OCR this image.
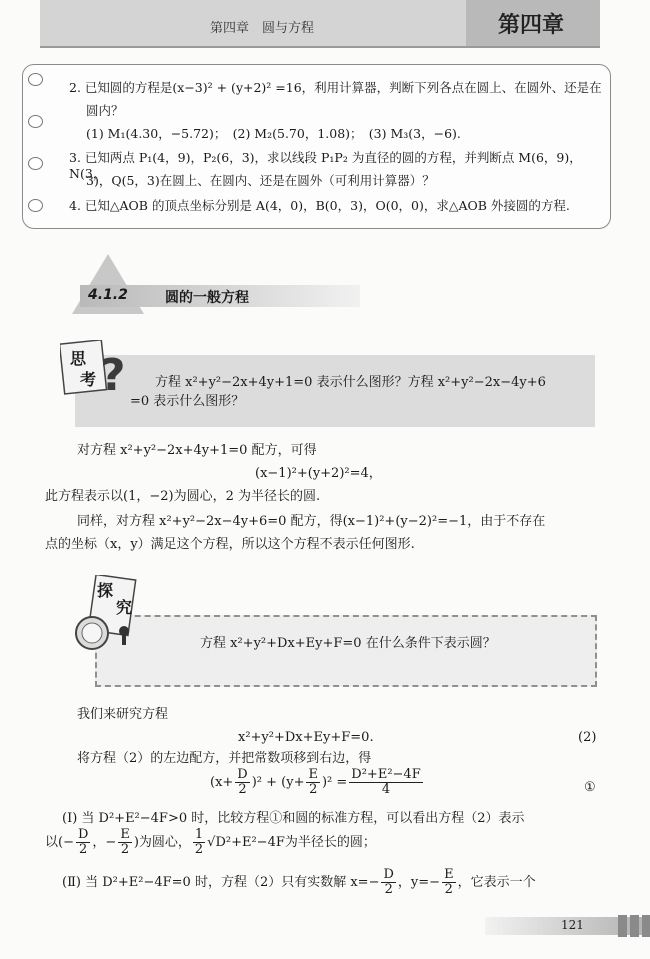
第四章　圆与方程	第四章
2. 已知圆的方程是(x−3)² + (y+2)² =16，利用计算器，判断下列各点在圆上、在圆外、还是在
圆内？
(1) M₁(4.30，−5.72)；　(2) M₂(5.70，1.08)；　(3) M₃(3，−6).
3. 已知两点 P₁(4，9)，P₂(6，3)，求以线段 P₁P₂ 为直径的圆的方程，并判断点 M(6，9)，N(3，
3)，Q(5，3)在圆上、在圆内、还是在圆外（可利用计算器）？
4. 已知△AOB 的顶点坐标分别是 A(4，0)，B(0，3)，O(0，0)，求△AOB 外接圆的方程.
4.1.2	圆的一般方程
思
考 ? 方程 x²+y²−2x+4y+1=0 表示什么图形？方程 x²+y²−2x−4y+6
=0 表示什么图形？
对方程 x²+y²−2x+4y+1=0 配方，可得
(x−1)²+(y+2)²=4，
此方程表示以(1，−2)为圆心，2 为半径长的圆.
同样，对方程 x²+y²−2x−4y+6=0 配方，得(x−1)²+(y−2)²=−1，由于不存在
点的坐标（x，y）满足这个方程，所以这个方程不表示任何图形.
探
究
方程 x²+y²+Dx+Ey+F=0 在什么条件下表示圆？
我们来研究方程
x²+y²+Dx+Ey+F=0.	(2)
将方程（2）的左边配方，并把常数项移到右边，得
$(x+ \frac{D}{2} )^2 + (y+ \frac{E}{2} )^2 = \frac{\text{D²+E²−4F}}{4}$	①
(Ⅰ) 当 D²+E²−4F>0 时，比较方程①和圆的标准方程，可以看出方程（2）表示
以(− $\frac{D}{2}$ ，− $\frac{E}{2}$ )为圆心， $\frac{1}{2} √D^2+E^2-4F$为半径长的圆；
(Ⅱ) 当 D²+E²−4F=0 时，方程（2）只有实数解 $x=- \frac{D}{2}$ ，$y=- \frac{E}{2}$ ，它表示一个
121
